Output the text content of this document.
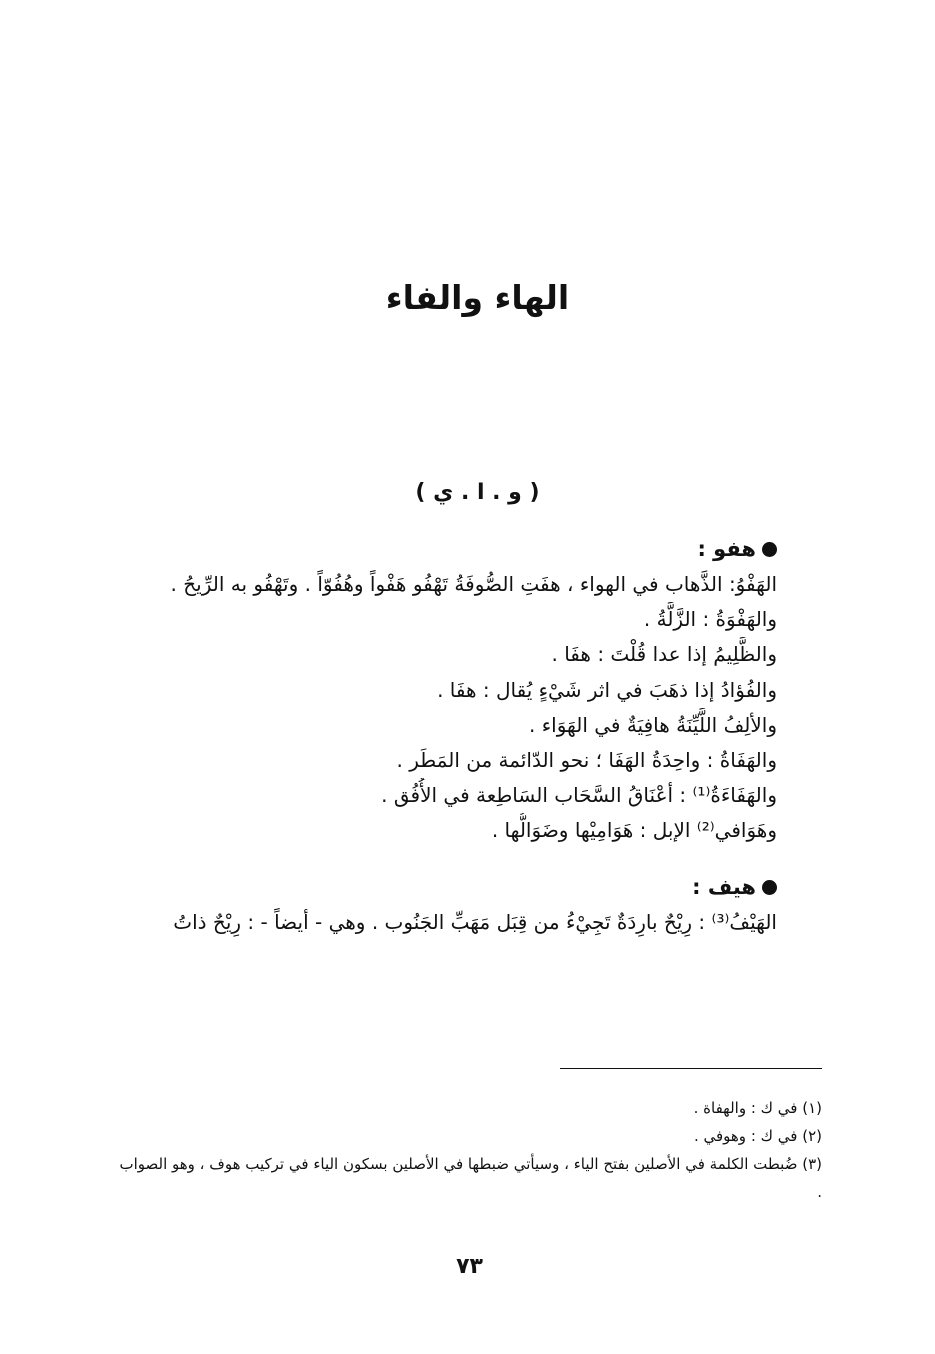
الهاء والفاء
( و . ا . ي )
هفو :
الهَفْوُ: الذَّهاب في الهواء ، هفَتِ الصُّوفَةُ تَهْفُو هَفْواً وهُفُوّاً . وتَهْفُو به الرِّيحُ .
والهَفْوَةُ : الزَّلَّةُ .
والظَّلِيمُ إذا عدا قُلْتَ : هفَا .
والفُؤادُ إذا ذهَبَ في اثر شَيْءٍ يُقال : هفَا .
والألِفُ اللَّيِّنَةُ هافِيَةٌ في الهَوَاء .
والهَفَاةُ : واحِدَةُ الهَفَا ؛ نحو الدّائمة من المَطَر .
والهَفَاءَةُ⁽¹⁾ : أعْنَاقُ السَّحَاب السَاطِعة في الأُفُق .
وهَوَافي⁽²⁾ الإبل : هَوَامِيْها وضَوَالُّها .
هيف :
الهَيْفُ⁽³⁾ : رِيْحٌ بارِدَةٌ تَجِيْءُ من قِبَل مَهَبِّ الجَنُوب . وهي - أيضاً - : رِيْحٌ ذاتُ
(١) في ك : والهفاة .
(٢) في ك : وهوفي .
(٣) ضُبطت الكلمة في الأصلين بفتح الياء ، وسيأتي ضبطها في الأصلين بسكون الياء في تركيب هوف ، وهو الصواب .
٧٣
